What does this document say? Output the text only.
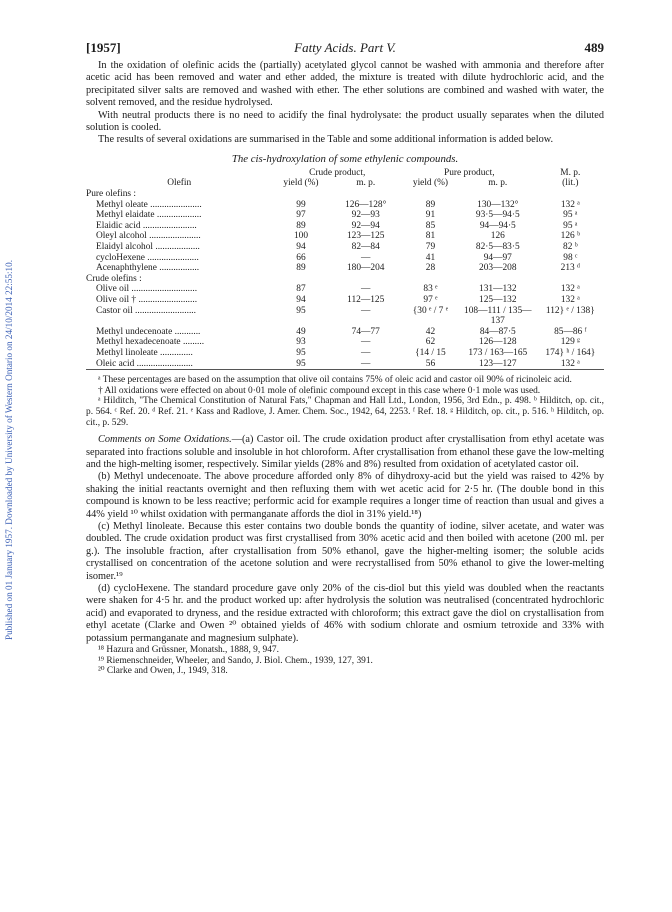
Published on 01 January 1957. Downloaded by University of Western Ontario on 24/10/2014 22:55:10.
[1957]	Fatty Acids. Part V.	489

In the oxidation of olefinic acids the (partially) acetylated glycol cannot be washed with ammonia and therefore after acetic acid has been removed and water and ether added, the mixture is treated with dilute hydrochloric acid, and the precipitated silver salts are removed and washed with ether. The ether solutions are combined and washed with water, the solvent removed, and the residue hydrolysed.

With neutral products there is no need to acidify the final hydrolysate: the product usually separates when the diluted solution is cooled.

The results of several oxidations are summarised in the Table and some additional information is added below.

The cis-hydroxylation of some ethylenic compounds.
	Crude product,		Pure product,		M. p.
Olefin	yield (%)	m. p.	yield (%)	m. p.	(lit.)
Pure olefins :					
Methyl oleate ......................	99	126—128°	89	130—132°	132 ᵃ
Methyl elaidate ...................	97	92—93	91	93·5—94·5	95 ᵃ
Elaidic acid .......................	89	92—94	85	94—94·5	95 ᵃ
Oleyl alcohol ......................	100	123—125	81	126	126 ᵇ
Elaidyl alcohol ...................	94	82—84	79	82·5—83·5	82 ᵇ
cycloHexene ......................	66	—	41	94—97	98 ᶜ
Acenaphthylene .................	89	180—204	28	203—208	213 ᵈ
Crude olefins :					
Olive oil ............................	87	—	83 ᵉ	131—132	132 ᵃ
Olive oil † .........................	94	112—125	97 ᵉ	125—132	132 ᵃ
Castor oil ..........................	95	—	{30 ᵉ / 7 ᵉ	108—111 / 135—137	112} ᵉ / 138}
Methyl undecenoate ...........	49	74—77	42	84—87·5	85—86 ᶠ
Methyl hexadecenoate .........	93	—	62	126—128	129 ᵍ
Methyl linoleate ..............	95	—	{14 / 15	173 / 163—165	174} ʰ / 164}
Oleic acid ........................	95	—	56	123—127	132 ᵃ

ᵃ These percentages are based on the assumption that olive oil contains 75% of oleic acid and castor oil 90% of ricinoleic acid.

† All oxidations were effected on about 0·01 mole of olefinic compound except in this case where 0·1 mole was used.

ᵃ Hilditch, "The Chemical Constitution of Natural Fats," Chapman and Hall Ltd., London, 1956, 3rd Edn., p. 498. ᵇ Hilditch, op. cit., p. 564. ᶜ Ref. 20. ᵈ Ref. 21. ᵉ Kass and Radlove, J. Amer. Chem. Soc., 1942, 64, 2253. ᶠ Ref. 18. ᵍ Hilditch, op. cit., p. 516. ʰ Hilditch, op. cit., p. 529.

Comments on Some Oxidations.—(a) Castor oil. The crude oxidation product after crystallisation from ethyl acetate was separated into fractions soluble and insoluble in hot chloroform. After crystallisation from ethanol these gave the low-melting and the high-melting isomer, respectively. Similar yields (28% and 8%) resulted from oxidation of acetylated castor oil.

(b) Methyl undecenoate. The above procedure afforded only 8% of dihydroxy-acid but the yield was raised to 42% by shaking the initial reactants overnight and then refluxing them with wet acetic acid for 2·5 hr. (The double bond in this compound is known to be less reactive; performic acid for example requires a longer time of reaction than usual and gives a 44% yield ¹⁰ whilst oxidation with permanganate affords the diol in 31% yield.¹⁸)

(c) Methyl linoleate. Because this ester contains two double bonds the quantity of iodine, silver acetate, and water was doubled. The crude oxidation product was first crystallised from 30% acetic acid and then boiled with acetone (200 ml. per g.). The insoluble fraction, after crystallisation from 50% ethanol, gave the higher-melting isomer; the soluble acids crystallised on concentration of the acetone solution and were recrystallised from 50% ethanol to give the lower-melting isomer.¹⁹

(d) cycloHexene. The standard procedure gave only 20% of the cis-diol but this yield was doubled when the reactants were shaken for 4·5 hr. and the product worked up: after hydrolysis the solution was neutralised (concentrated hydrochloric acid) and evaporated to dryness, and the residue extracted with chloroform; this extract gave the diol on crystallisation from ethyl acetate (Clarke and Owen ²⁰ obtained yields of 46% with sodium chlorate and osmium tetroxide and 33% with potassium permanganate and magnesium sulphate).

¹⁸ Hazura and Grüssner, Monatsh., 1888, 9, 947.

¹⁹ Riemenschneider, Wheeler, and Sando, J. Biol. Chem., 1939, 127, 391.

²⁰ Clarke and Owen, J., 1949, 318.
